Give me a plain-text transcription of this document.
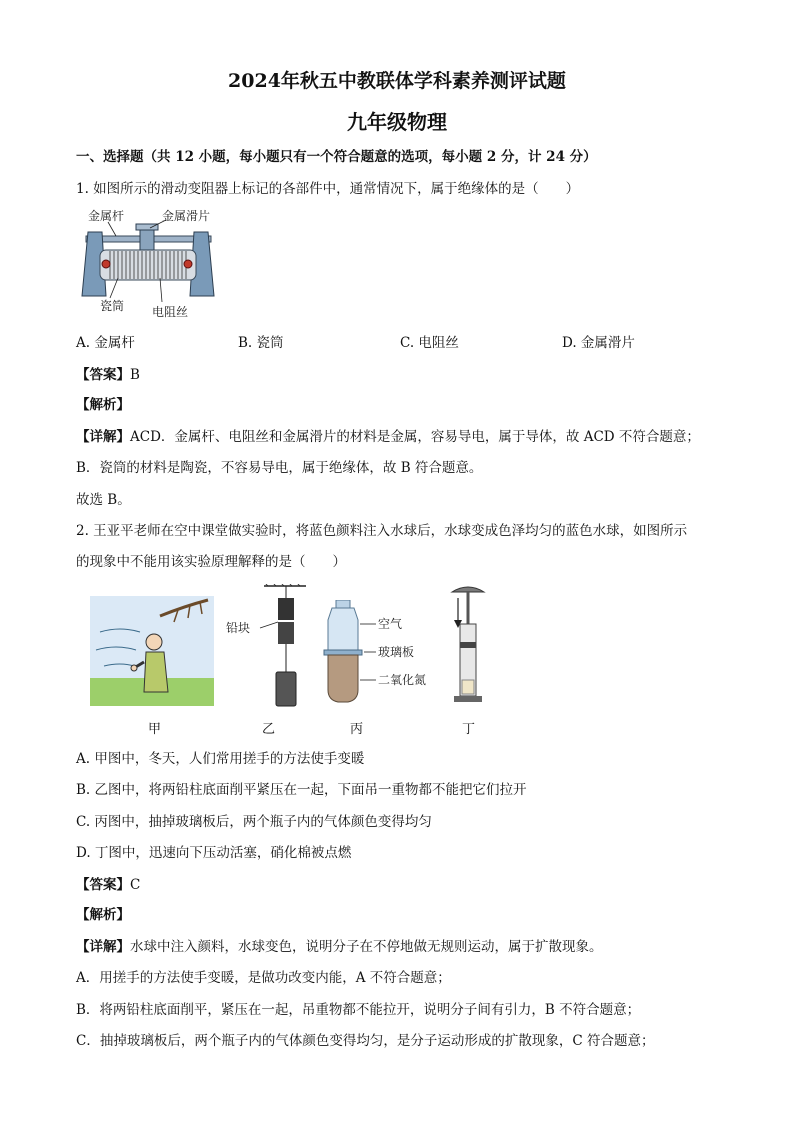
2024年秋五中教联体学科素养测评试题
九年级物理
一、选择题（共 12 小题，每小题只有一个符合题意的选项，每小题 2 分，计 24 分）
1. 如图所示的滑动变阻器上标记的各部件中，通常情况下，属于绝缘体的是（　　）
金属杆	金属滑片
瓷筒 电阻丝
A. 金属杆	B. 瓷筒	C. 电阻丝	D. 金属滑片
【答案】B
【解析】
【详解】ACD．金属杆、电阻丝和金属滑片的材料是金属，容易导电，属于导体，故 ACD 不符合题意；
B．瓷筒的材料是陶瓷，不容易导电，属于绝缘体，故 B 符合题意。
故选 B。
2. 王亚平老师在空中课堂做实验时，将蓝色颜料注入水球后，水球变成色泽均匀的蓝色水球，如图所示
的现象中不能用该实验原理解释的是（　　）
铅块	空气
玻璃板
二氧化氮
甲	乙	丙	丁
A. 甲图中，冬天，人们常用搓手的方法使手变暖
B. 乙图中，将两铅柱底面削平紧压在一起，下面吊一重物都不能把它们拉开
C. 丙图中，抽掉玻璃板后，两个瓶子内的气体颜色变得均匀
D. 丁图中，迅速向下压动活塞，硝化棉被点燃
【答案】C
【解析】
【详解】水球中注入颜料，水球变色，说明分子在不停地做无规则运动，属于扩散现象。
A．用搓手的方法使手变暖，是做功改变内能，A 不符合题意；
B．将两铅柱底面削平，紧压在一起，吊重物都不能拉开，说明分子间有引力，B 不符合题意；
C．抽掉玻璃板后，两个瓶子内的气体颜色变得均匀，是分子运动形成的扩散现象，C 符合题意；
